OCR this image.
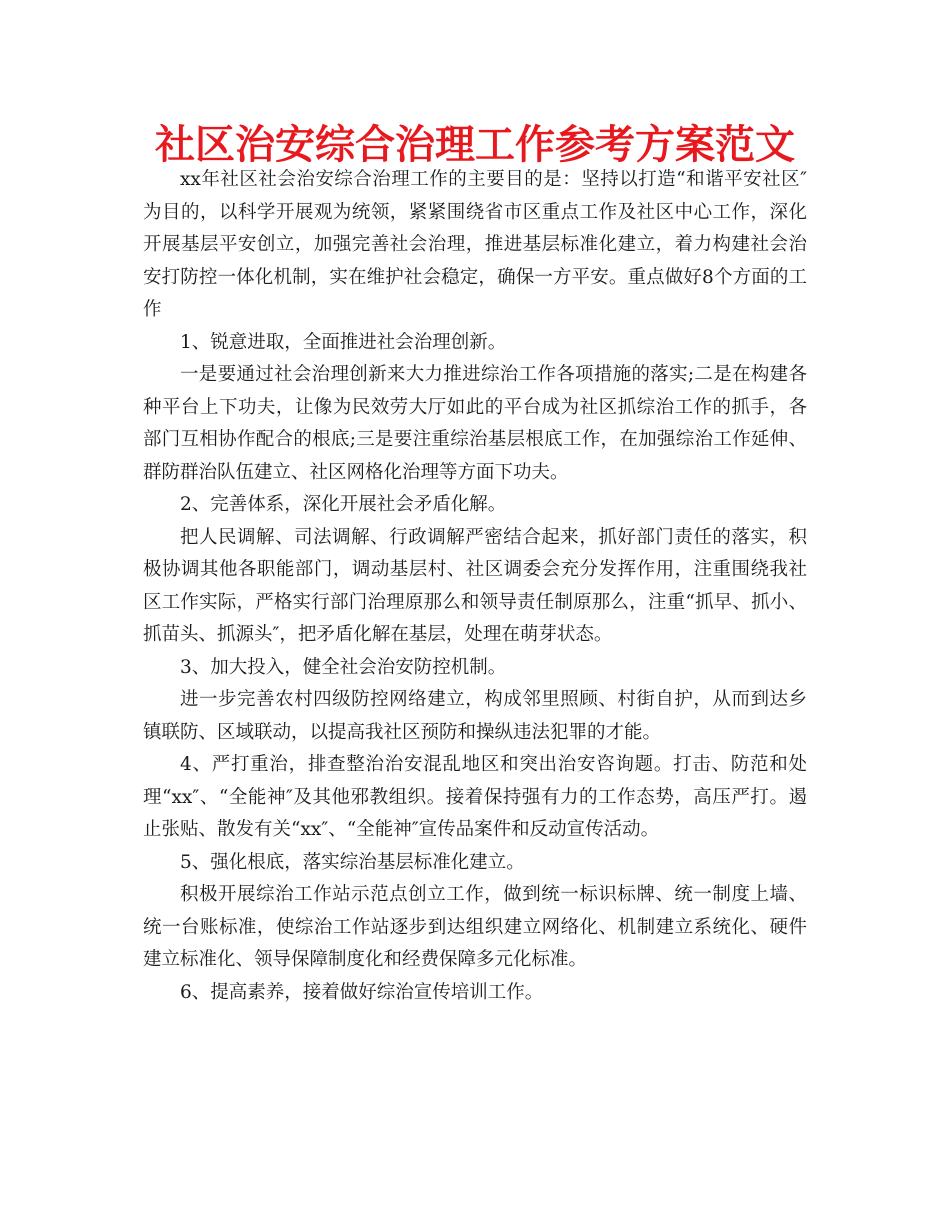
社区治安综合治理工作参考方案范文

xx年社区社会治安综合治理工作的主要目的是：坚持以打造“和谐平安社区″为目的，以科学开展观为统领，紧紧围绕省市区重点工作及社区中心工作，深化开展基层平安创立，加强完善社会治理，推进基层标准化建立，着力构建社会治安打防控一体化机制，实在维护社会稳定，确保一方平安。重点做好8个方面的工作

1、锐意进取，全面推进社会治理创新。

一是要通过社会治理创新来大力推进综治工作各项措施的落实;二是在构建各种平台上下功夫，让像为民效劳大厅如此的平台成为社区抓综治工作的抓手，各部门互相协作配合的根底;三是要注重综治基层根底工作，在加强综治工作延伸、群防群治队伍建立、社区网格化治理等方面下功夫。

2、完善体系，深化开展社会矛盾化解。

把人民调解、司法调解、行政调解严密结合起来，抓好部门责任的落实，积极协调其他各职能部门，调动基层村、社区调委会充分发挥作用，注重围绕我社区工作实际，严格实行部门治理原那么和领导责任制原那么，注重“抓早、抓小、抓苗头、抓源头″，把矛盾化解在基层，处理在萌芽状态。

3、加大投入，健全社会治安防控机制。

进一步完善农村四级防控网络建立，构成邻里照顾、村街自护，从而到达乡镇联防、区域联动，以提高我社区预防和操纵违法犯罪的才能。

4、严打重治，排查整治治安混乱地区和突出治安咨询题。打击、防范和处理“xx″、“全能神″及其他邪教组织。接着保持强有力的工作态势，高压严打。遏止张贴、散发有关“xx″、“全能神″宣传品案件和反动宣传活动。

5、强化根底，落实综治基层标准化建立。

积极开展综治工作站示范点创立工作，做到统一标识标牌、统一制度上墙、统一台账标准，使综治工作站逐步到达组织建立网络化、机制建立系统化、硬件建立标准化、领导保障制度化和经费保障多元化标准。

6、提高素养，接着做好综治宣传培训工作。
